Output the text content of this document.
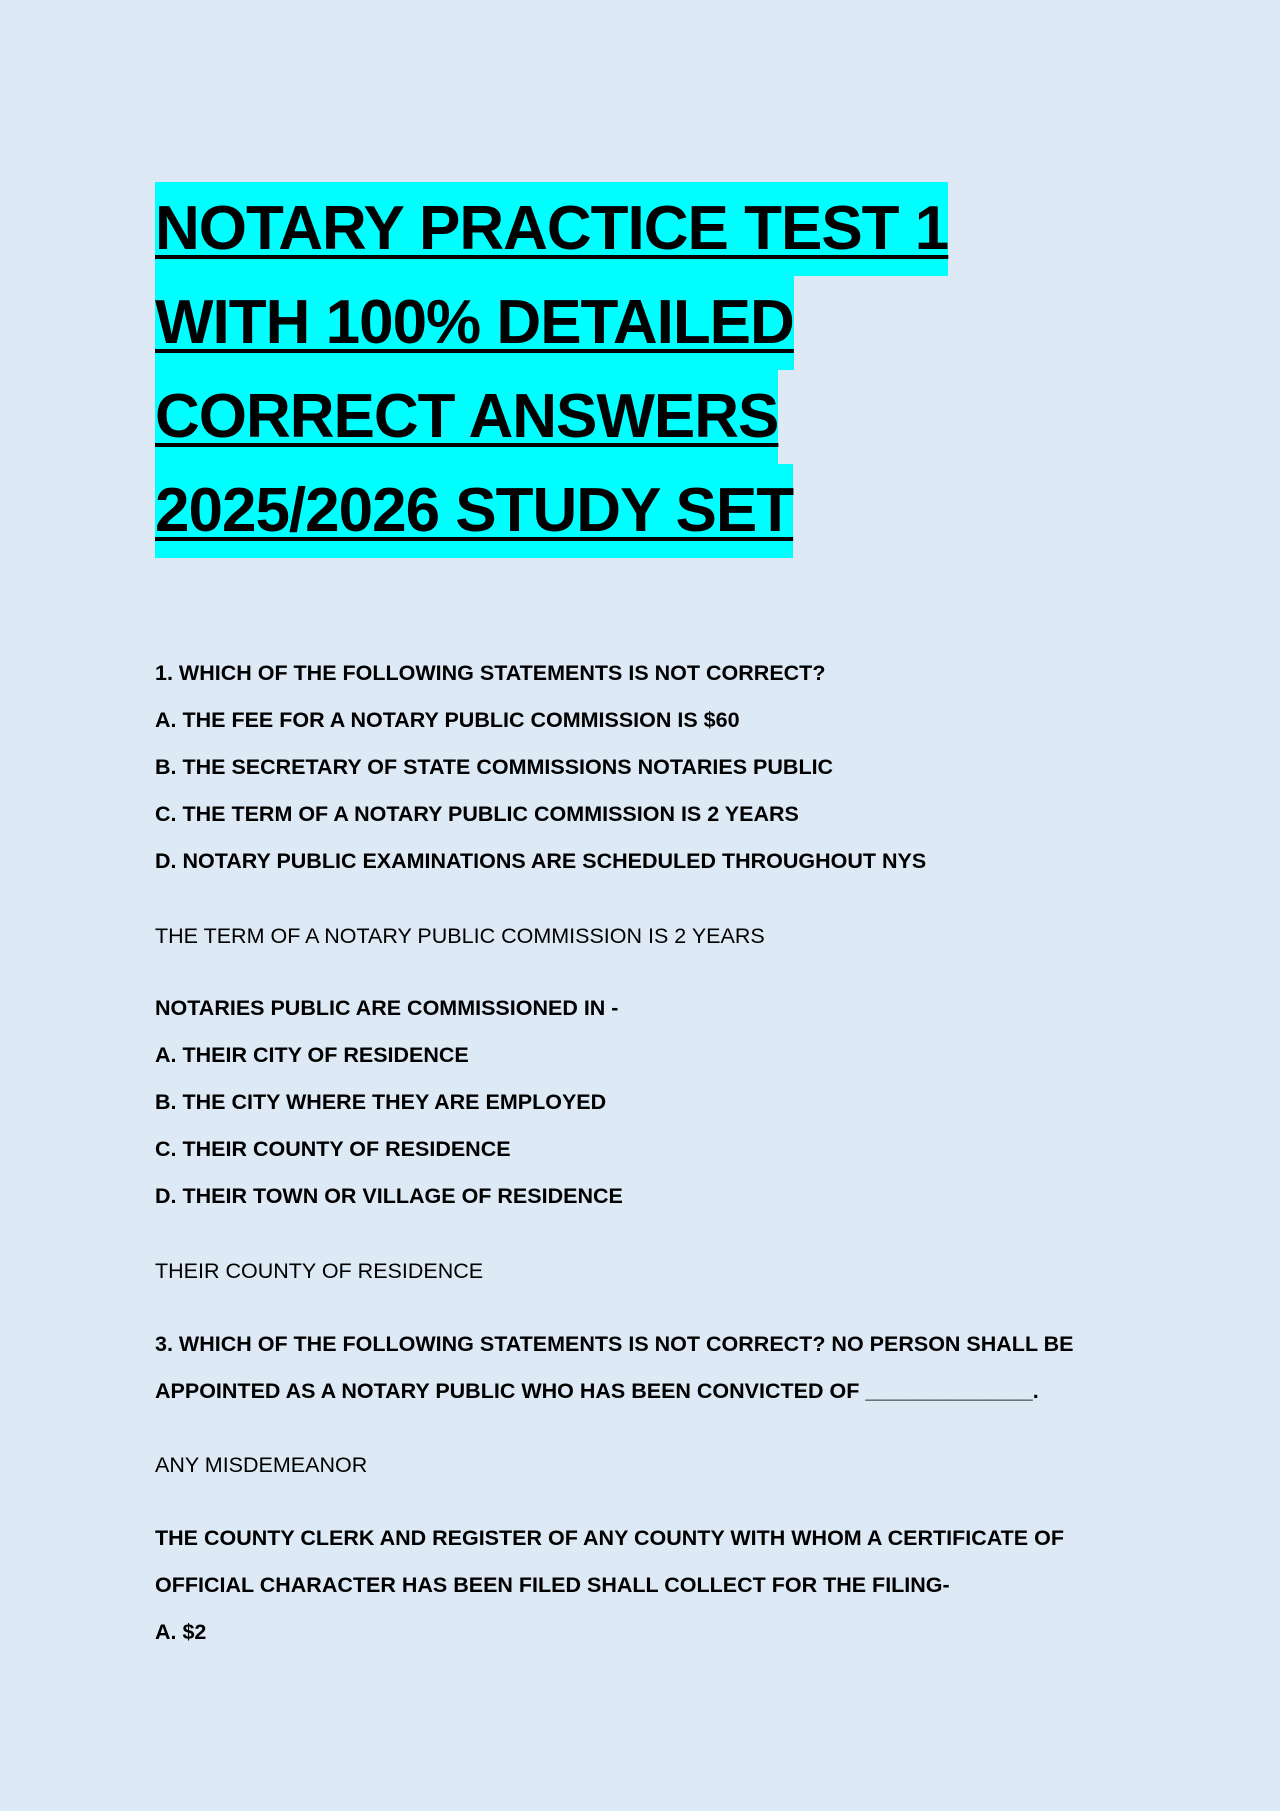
NOTARY PRACTICE TEST 1
WITH 100% DETAILED
CORRECT ANSWERS
2025/2026 STUDY SET
1. WHICH OF THE FOLLOWING STATEMENTS IS NOT CORRECT?
A. THE FEE FOR A NOTARY PUBLIC COMMISSION IS $60
B. THE SECRETARY OF STATE COMMISSIONS NOTARIES PUBLIC
C. THE TERM OF A NOTARY PUBLIC COMMISSION IS 2 YEARS
D. NOTARY PUBLIC EXAMINATIONS ARE SCHEDULED THROUGHOUT NYS
THE TERM OF A NOTARY PUBLIC COMMISSION IS 2 YEARS
NOTARIES PUBLIC ARE COMMISSIONED IN -
A. THEIR CITY OF RESIDENCE
B. THE CITY WHERE THEY ARE EMPLOYED
C. THEIR COUNTY OF RESIDENCE
D. THEIR TOWN OR VILLAGE OF RESIDENCE
THEIR COUNTY OF RESIDENCE
3. WHICH OF THE FOLLOWING STATEMENTS IS NOT CORRECT? NO PERSON SHALL BE
APPOINTED AS A NOTARY PUBLIC WHO HAS BEEN CONVICTED OF ______________.
ANY MISDEMEANOR
THE COUNTY CLERK AND REGISTER OF ANY COUNTY WITH WHOM A CERTIFICATE OF
OFFICIAL CHARACTER HAS BEEN FILED SHALL COLLECT FOR THE FILING-
A. $2
